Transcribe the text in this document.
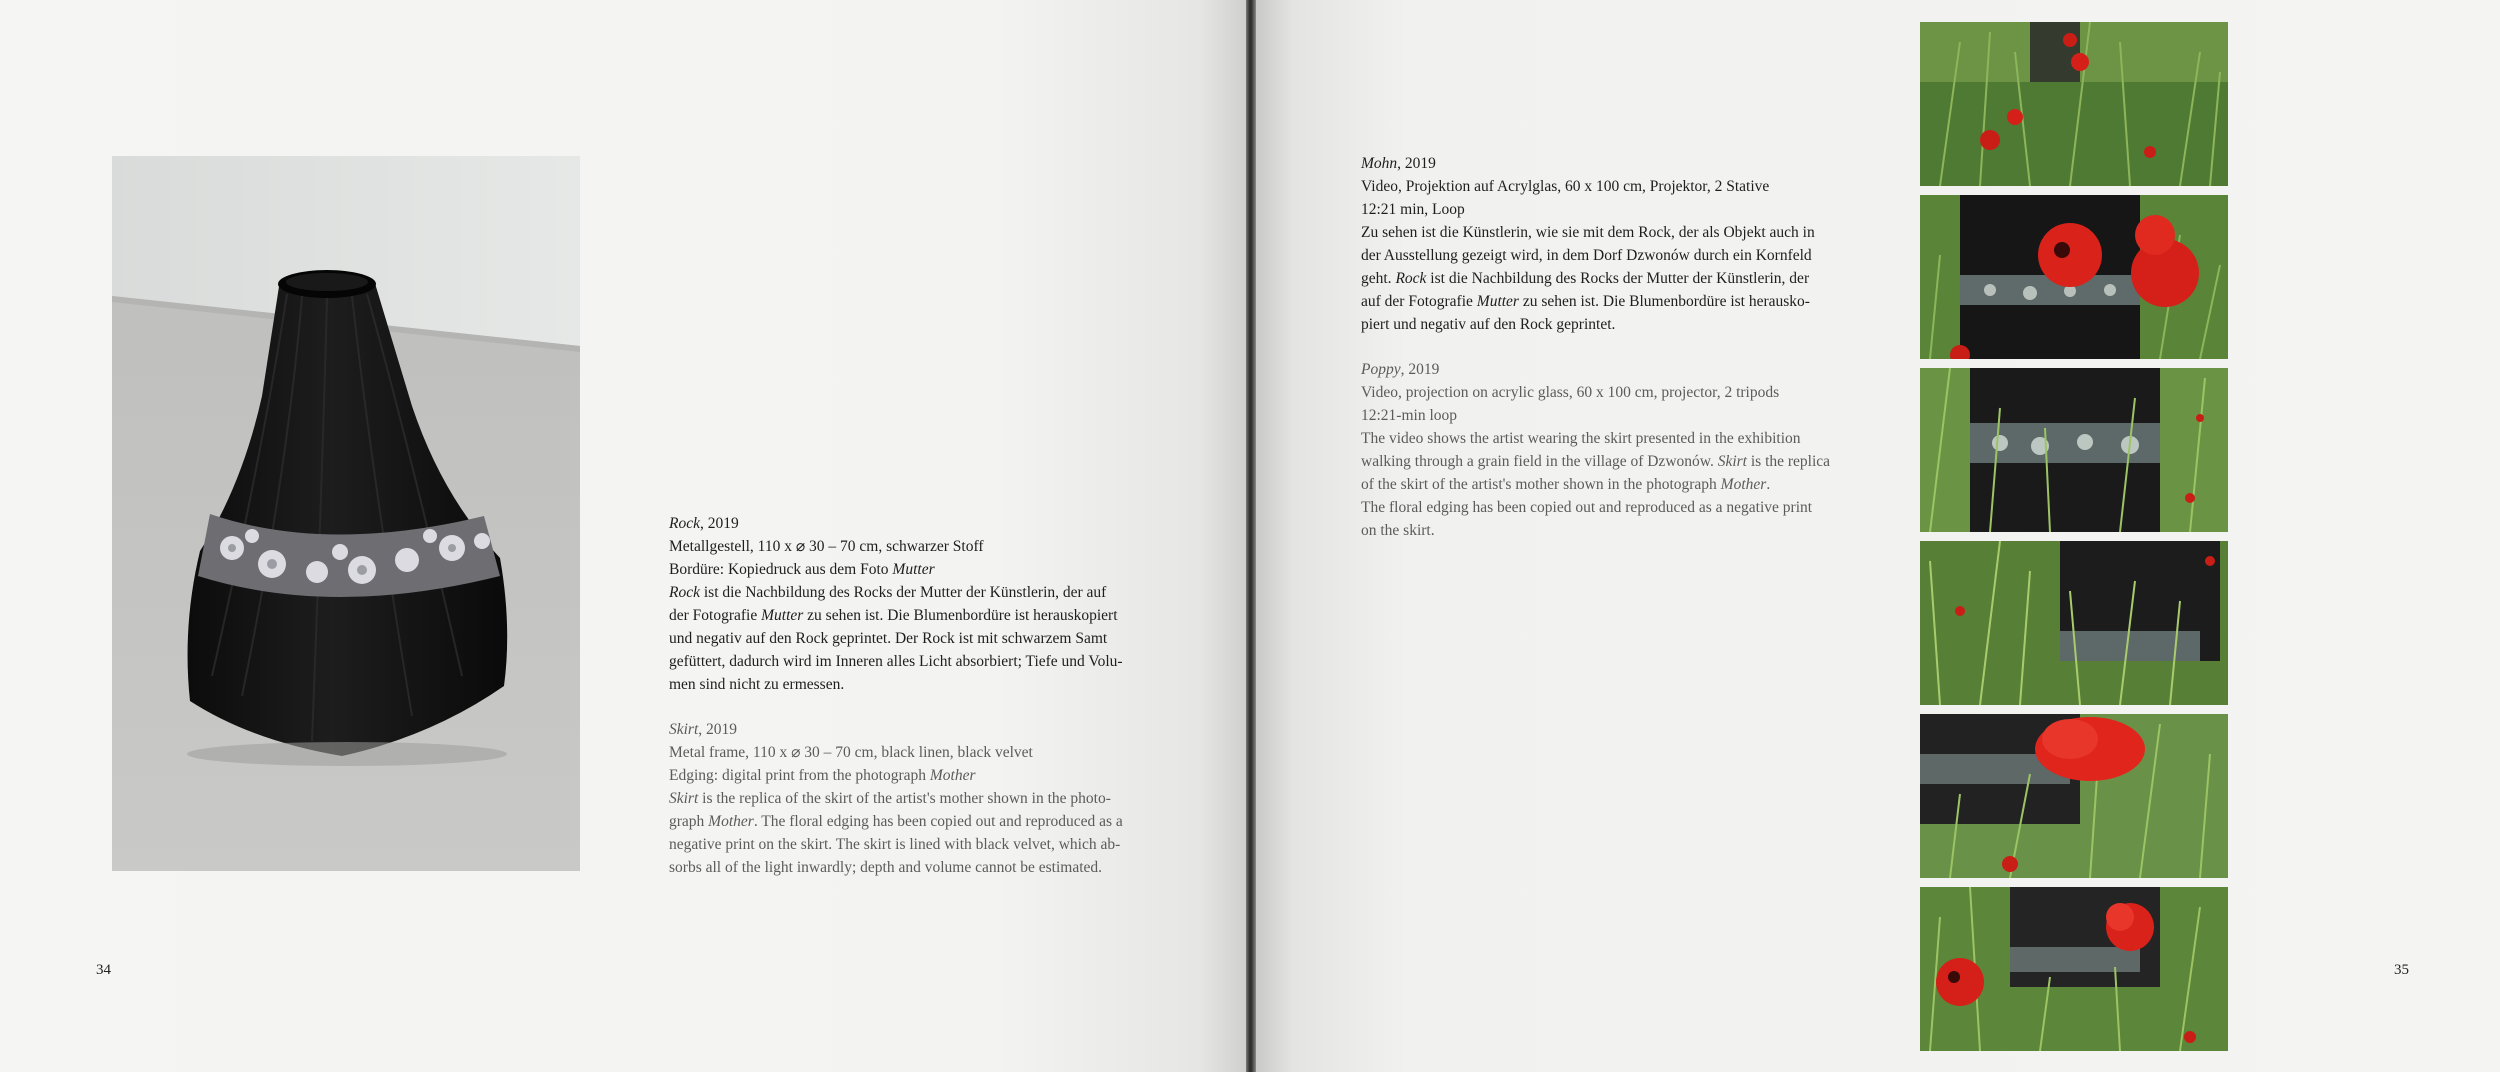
Rock, 2019

Metallgestell, 110 x ⌀ 30 – 70 cm, schwarzer Stoff

Bordüre: Kopiedruck aus dem Foto Mutter

Rock ist die Nachbildung des Rocks der Mutter der Künstlerin, der auf

der Fotografie Mutter zu sehen ist. Die Blumenbordüre ist herauskopiert

und negativ auf den Rock geprintet. Der Rock ist mit schwarzem Samt

gefüttert, dadurch wird im Inneren alles Licht absorbiert; Tiefe und Volu-

men sind nicht zu ermessen.

Skirt, 2019

Metal frame, 110 x ⌀ 30 – 70 cm, black linen, black velvet

Edging: digital print from the photograph Mother

Skirt is the replica of the skirt of the artist's mother shown in the photo-

graph Mother. The floral edging has been copied out and reproduced as a

negative print on the skirt. The skirt is lined with black velvet, which ab-

sorbs all of the light inwardly; depth and volume cannot be estimated.

34

Mohn, 2019

Video, Projektion auf Acrylglas, 60 x 100 cm, Projektor, 2 Stative

12:21 min, Loop

Zu sehen ist die Künstlerin, wie sie mit dem Rock, der als Objekt auch in

der Ausstellung gezeigt wird, in dem Dorf Dzwonów durch ein Kornfeld

geht. Rock ist die Nachbildung des Rocks der Mutter der Künstlerin, der

auf der Fotografie Mutter zu sehen ist. Die Blumenbordüre ist herausko-

piert und negativ auf den Rock geprintet.

Poppy, 2019

Video, projection on acrylic glass, 60 x 100 cm, projector, 2 tripods

12:21-min loop

The video shows the artist wearing the skirt presented in the exhibition

walking through a grain field in the village of Dzwonów. Skirt is the replica

of the skirt of the artist's mother shown in the photograph Mother.

The floral edging has been copied out and reproduced as a negative print

on the skirt.

35
